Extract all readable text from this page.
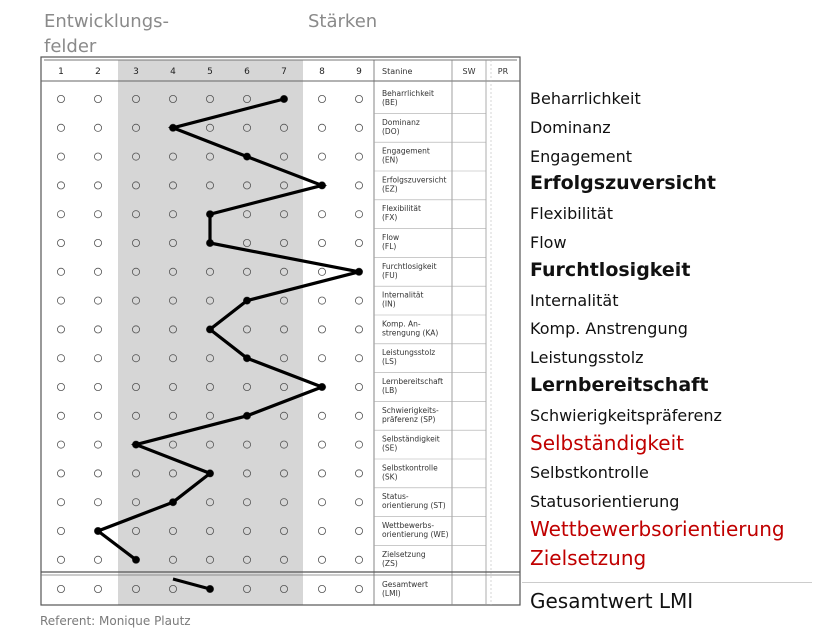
Entwicklungs-
felder
Stärken
1	2	3	4	5	6	7	8	9	Stanine	SW	PR
Beharrlichkeit
(BE)
Dominanz
(DO)
Engagement
(EN)
Erfolgszuversicht
(EZ)
Flexibilität
(FX)
Flow
(FL)
Furchtlosigkeit
(FU)
Internalität
(IN)
Komp. An-
strengung (KA)
Leistungsstolz
(LS)
Lernbereitschaft
(LB)
Schwierigkeits-
präferenz (SP)
Selbständigkeit
(SE)
Selbstkontrolle
(SK)
Status-
orientierung (ST)
Wettbewerbs-
orientierung (WE)
Zielsetzung
(ZS)
Gesamtwert
(LMI)
Beharrlichkeit
Dominanz
Engagement
Erfolgszuversicht
Flexibilität
Flow
Furchtlosigkeit
Internalität
Komp. Anstrengung
Leistungsstolz
Lernbereitschaft
Schwierigkeitspräferenz
Selbständigkeit
Selbstkontrolle
Statusorientierung
Wettbewerbsorientierung
Zielsetzung
Gesamtwert LMI
Referent: Monique Plautz
